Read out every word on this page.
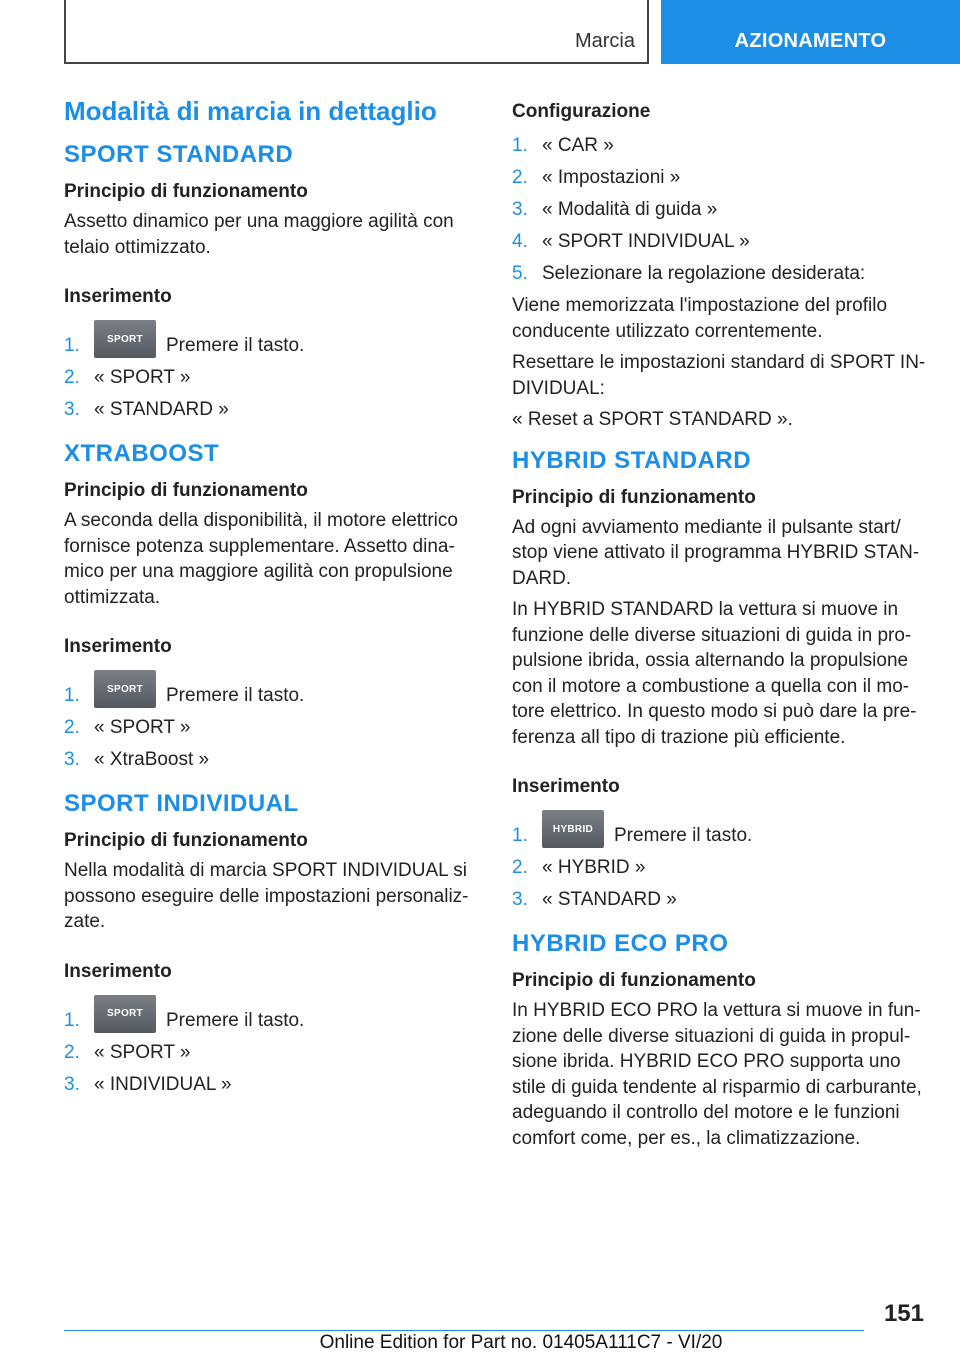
Marcia	AZIONAMENTO
Modalità di marcia in dettaglio
SPORT STANDARD
Principio di funzionamento

Assetto dinamico per una maggiore agilità con telaio ottimizzato.

Inserimento
1.	SPORT Premere il tasto.
2. « SPORT »
3. « STANDARD »
XTRABOOST
Principio di funzionamento

A seconda della disponibilità, il motore elettrico fornisce potenza supplementare. Assetto dina-mico per una maggiore agilità con propulsione ottimizzata.

Inserimento
1.	SPORT Premere il tasto.
2. « SPORT »
3. « XtraBoost »
SPORT INDIVIDUAL
Principio di funzionamento

Nella modalità di marcia SPORT INDIVIDUAL si possono eseguire delle impostazioni personaliz-zate.

Inserimento
1.	SPORT Premere il tasto.
2. « SPORT »
3. « INDIVIDUAL »
Configurazione
1. « CAR »
2. « Impostazioni »
3. « Modalità di guida »
4. « SPORT INDIVIDUAL »
5. Selezionare la regolazione desiderata:

Viene memorizzata l'impostazione del profilo conducente utilizzato correntemente.

Resettare le impostazioni standard di SPORT IN-DIVIDUAL:

« Reset a SPORT STANDARD ».

HYBRID STANDARD
Principio di funzionamento

Ad ogni avviamento mediante il pulsante start/ stop viene attivato il programma HYBRID STAN-DARD.

In HYBRID STANDARD la vettura si muove in funzione delle diverse situazioni di guida in pro-pulsione ibrida, ossia alternando la propulsione con il motore a combustione a quella con il mo-tore elettrico. In questo modo si può dare la pre-ferenza all tipo di trazione più efficiente.

Inserimento
1.	HYBRID Premere il tasto.
2. « HYBRID »
3. « STANDARD »
HYBRID ECO PRO
Principio di funzionamento

In HYBRID ECO PRO la vettura si muove in fun-zione delle diverse situazioni di guida in propul-sione ibrida. HYBRID ECO PRO supporta uno stile di guida tendente al risparmio di carburante, adeguando il controllo del motore e le funzioni comfort come, per es., la climatizzazione.

151
Online Edition for Part no. 01405A111C7 - VI/20
